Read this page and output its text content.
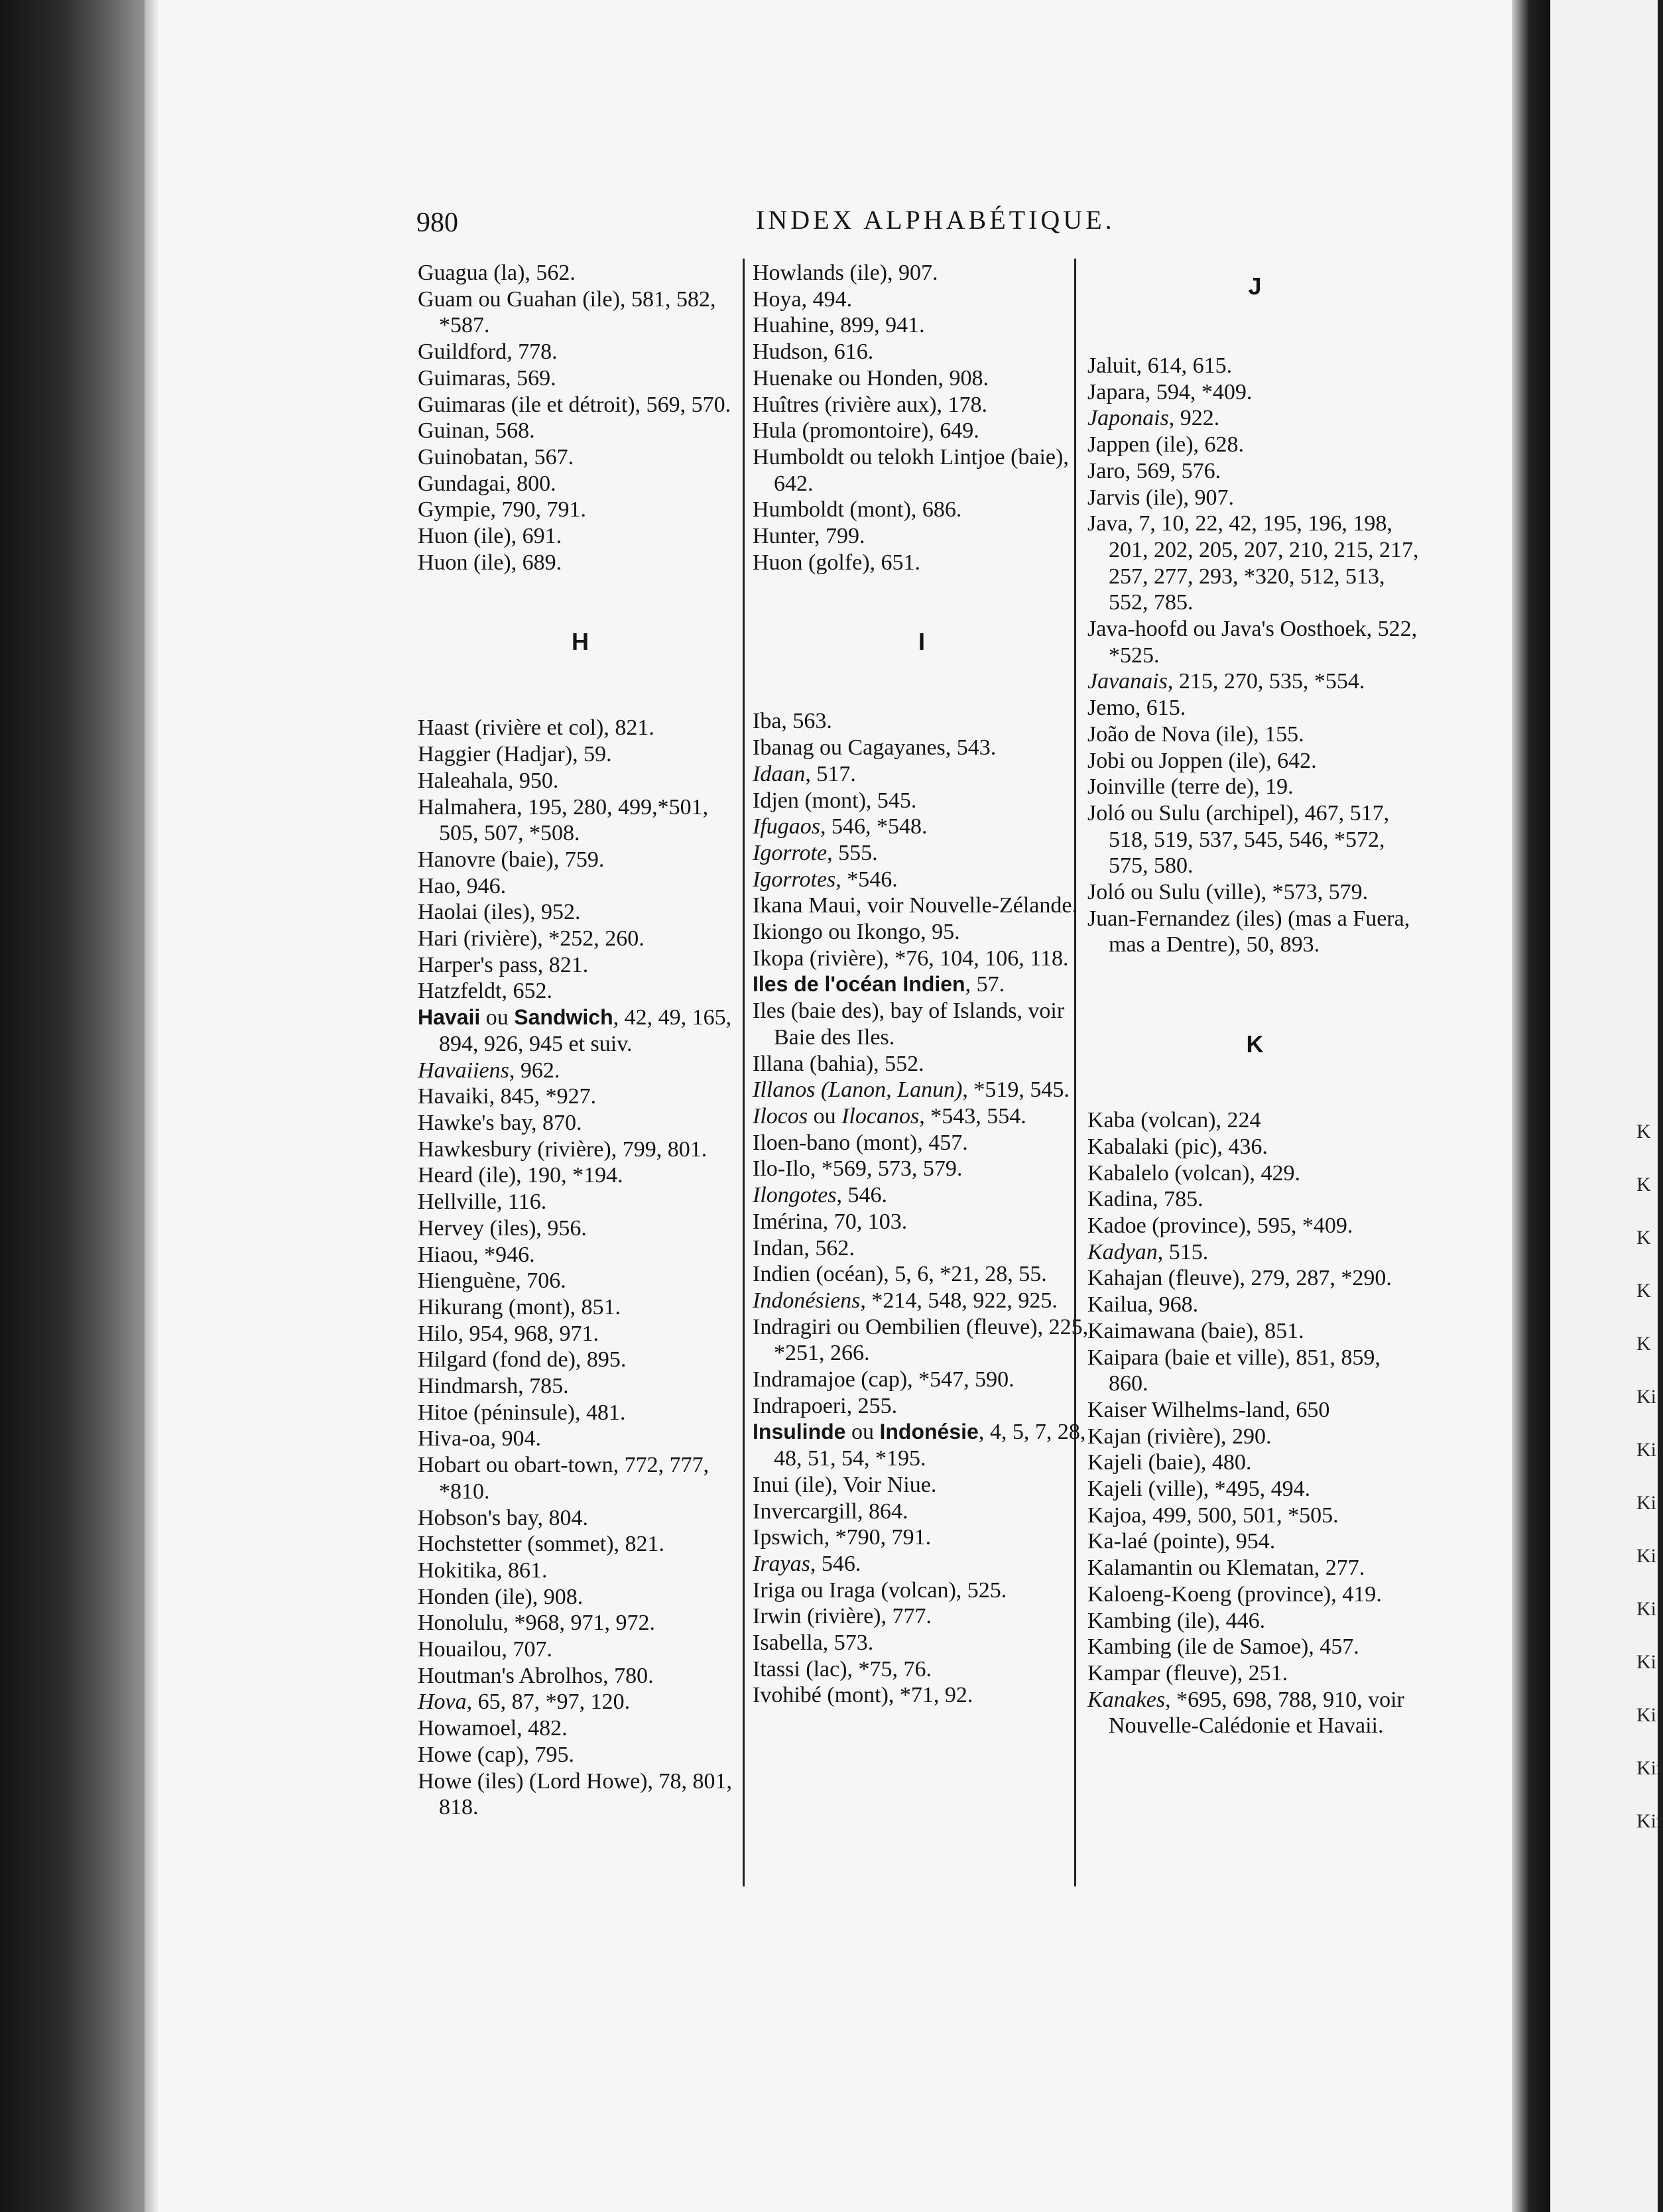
980	INDEX ALPHABÉTIQUE.
Guagua (la), 562.
Guam ou Guahan (ile), 581, 582, *587.
Guildford, 778.
Guimaras, 569.
Guimaras (ile et détroit), 569, 570.
Guinan, 568.
Guinobatan, 567.
Gundagai, 800.
Gympie, 790, 791.
Huon (ile), 691.
Huon (ile), 689.
H
Haast (rivière et col), 821.
Haggier (Hadjar), 59.
Haleahala, 950.
Halmahera, 195, 280, 499,*501, 505, 507, *508.
Hanovre (baie), 759.
Hao, 946.
Haolai (iles), 952.
Hari (rivière), *252, 260.
Harper's pass, 821.
Hatzfeldt, 652.
Havaii ou Sandwich, 42, 49, 165, 894, 926, 945 et suiv.
Havaiiens, 962.
Havaiki, 845, *927.
Hawke's bay, 870.
Hawkesbury (rivière), 799, 801.
Heard (ile), 190, *194.
Hellville, 116.
Hervey (iles), 956.
Hiaou, *946.
Hienguène, 706.
Hikurang (mont), 851.
Hilo, 954, 968, 971.
Hilgard (fond de), 895.
Hindmarsh, 785.
Hitoe (péninsule), 481.
Hiva-oa, 904.
Hobart ou obart-town, 772, 777, *810.
Hobson's bay, 804.
Hochstetter (sommet), 821.
Hokitika, 861.
Honden (ile), 908.
Honolulu, *968, 971, 972.
Houailou, 707.
Houtman's Abrolhos, 780.
Hova, 65, 87, *97, 120.
Howamoel, 482.
Howe (cap), 795.
Howe (iles) (Lord Howe), 78, 801, 818.
Howlands (ile), 907.
Hoya, 494.
Huahine, 899, 941.
Hudson, 616.
Huenake ou Honden, 908.
Huîtres (rivière aux), 178.
Hula (promontoire), 649.
Humboldt ou telokh Lintjoe (baie), 642.
Humboldt (mont), 686.
Hunter, 799.
Huon (golfe), 651.
I
Iba, 563.
Ibanag ou Cagayanes, 543.
Idaan, 517.
Idjen (mont), 545.
Ifugaos, 546, *548.
Igorrote, 555.
Igorrotes, *546.
Ikana Maui, voir Nouvelle-Zélande.
Ikiongo ou Ikongo, 95.
Ikopa (rivière), *76, 104, 106, 118.
Iles de l'océan Indien, 57.
Iles (baie des), bay of Islands, voir Baie des Iles.
Illana (bahia), 552.
Illanos (Lanon, Lanun), *519, 545.
Ilocos ou Ilocanos, *543, 554.
Iloen-bano (mont), 457.
Ilo-Ilo, *569, 573, 579.
Ilongotes, 546.
Imérina, 70, 103.
Indan, 562.
Indien (océan), 5, 6, *21, 28, 55.
Indonésiens, *214, 548, 922, 925.
Indragiri ou Oembilien (fleuve), 225, *251, 266.
Indramajoe (cap), *547, 590.
Indrapoeri, 255.
Insulinde ou Indonésie, 4, 5, 7, 28, 48, 51, 54, *195.
Inui (ile), Voir Niue.
Invercargill, 864.
Ipswich, *790, 791.
Irayas, 546.
Iriga ou Iraga (volcan), 525.
Irwin (rivière), 777.
Isabella, 573.
Itassi (lac), *75, 76.
Ivohibé (mont), *71, 92.
J
Jaluit, 614, 615.
Japara, 594, *409.
Japonais, 922.
Jappen (ile), 628.
Jaro, 569, 576.
Jarvis (ile), 907.
Java, 7, 10, 22, 42, 195, 196, 198, 201, 202, 205, 207, 210, 215, 217, 257, 277, 293, *320, 512, 513, 552, 785.
Java-hoofd ou Java's Oosthoek, 522, *525.
Javanais, 215, 270, 535, *554.
Jemo, 615.
João de Nova (ile), 155.
Jobi ou Joppen (ile), 642.
Joinville (terre de), 19.
Joló ou Sulu (archipel), 467, 517, 518, 519, 537, 545, 546, *572, 575, 580.
Joló ou Sulu (ville), *573, 579.
Juan-Fernandez (iles) (mas a Fuera, mas a Dentre), 50, 893.
K
Kaba (volcan), 224
Kabalaki (pic), 436.
Kabalelo (volcan), 429.
Kadina, 785.
Kadoe (province), 595, *409.
Kadyan, 515.
Kahajan (fleuve), 279, 287, *290.
Kailua, 968.
Kaimawana (baie), 851.
Kaipara (baie et ville), 851, 859, 860.
Kaiser Wilhelms-land, 650
Kajan (rivière), 290.
Kajeli (baie), 480.
Kajeli (ville), *495, 494.
Kajoa, 499, 500, 501, *505.
Ka-laé (pointe), 954.
Kalamantin ou Klematan, 277.
Kaloeng-Koeng (province), 419.
Kambing (ile), 446.
Kambing (ile de Samoe), 457.
Kampar (fleuve), 251.
Kanakes, *695, 698, 788, 910, voir Nouvelle-Calédonie et Havaii.
K
K
K
K
K
Ki
Ki
Ki
Ki
Ki
Ki
Ki
Kir
Kir
